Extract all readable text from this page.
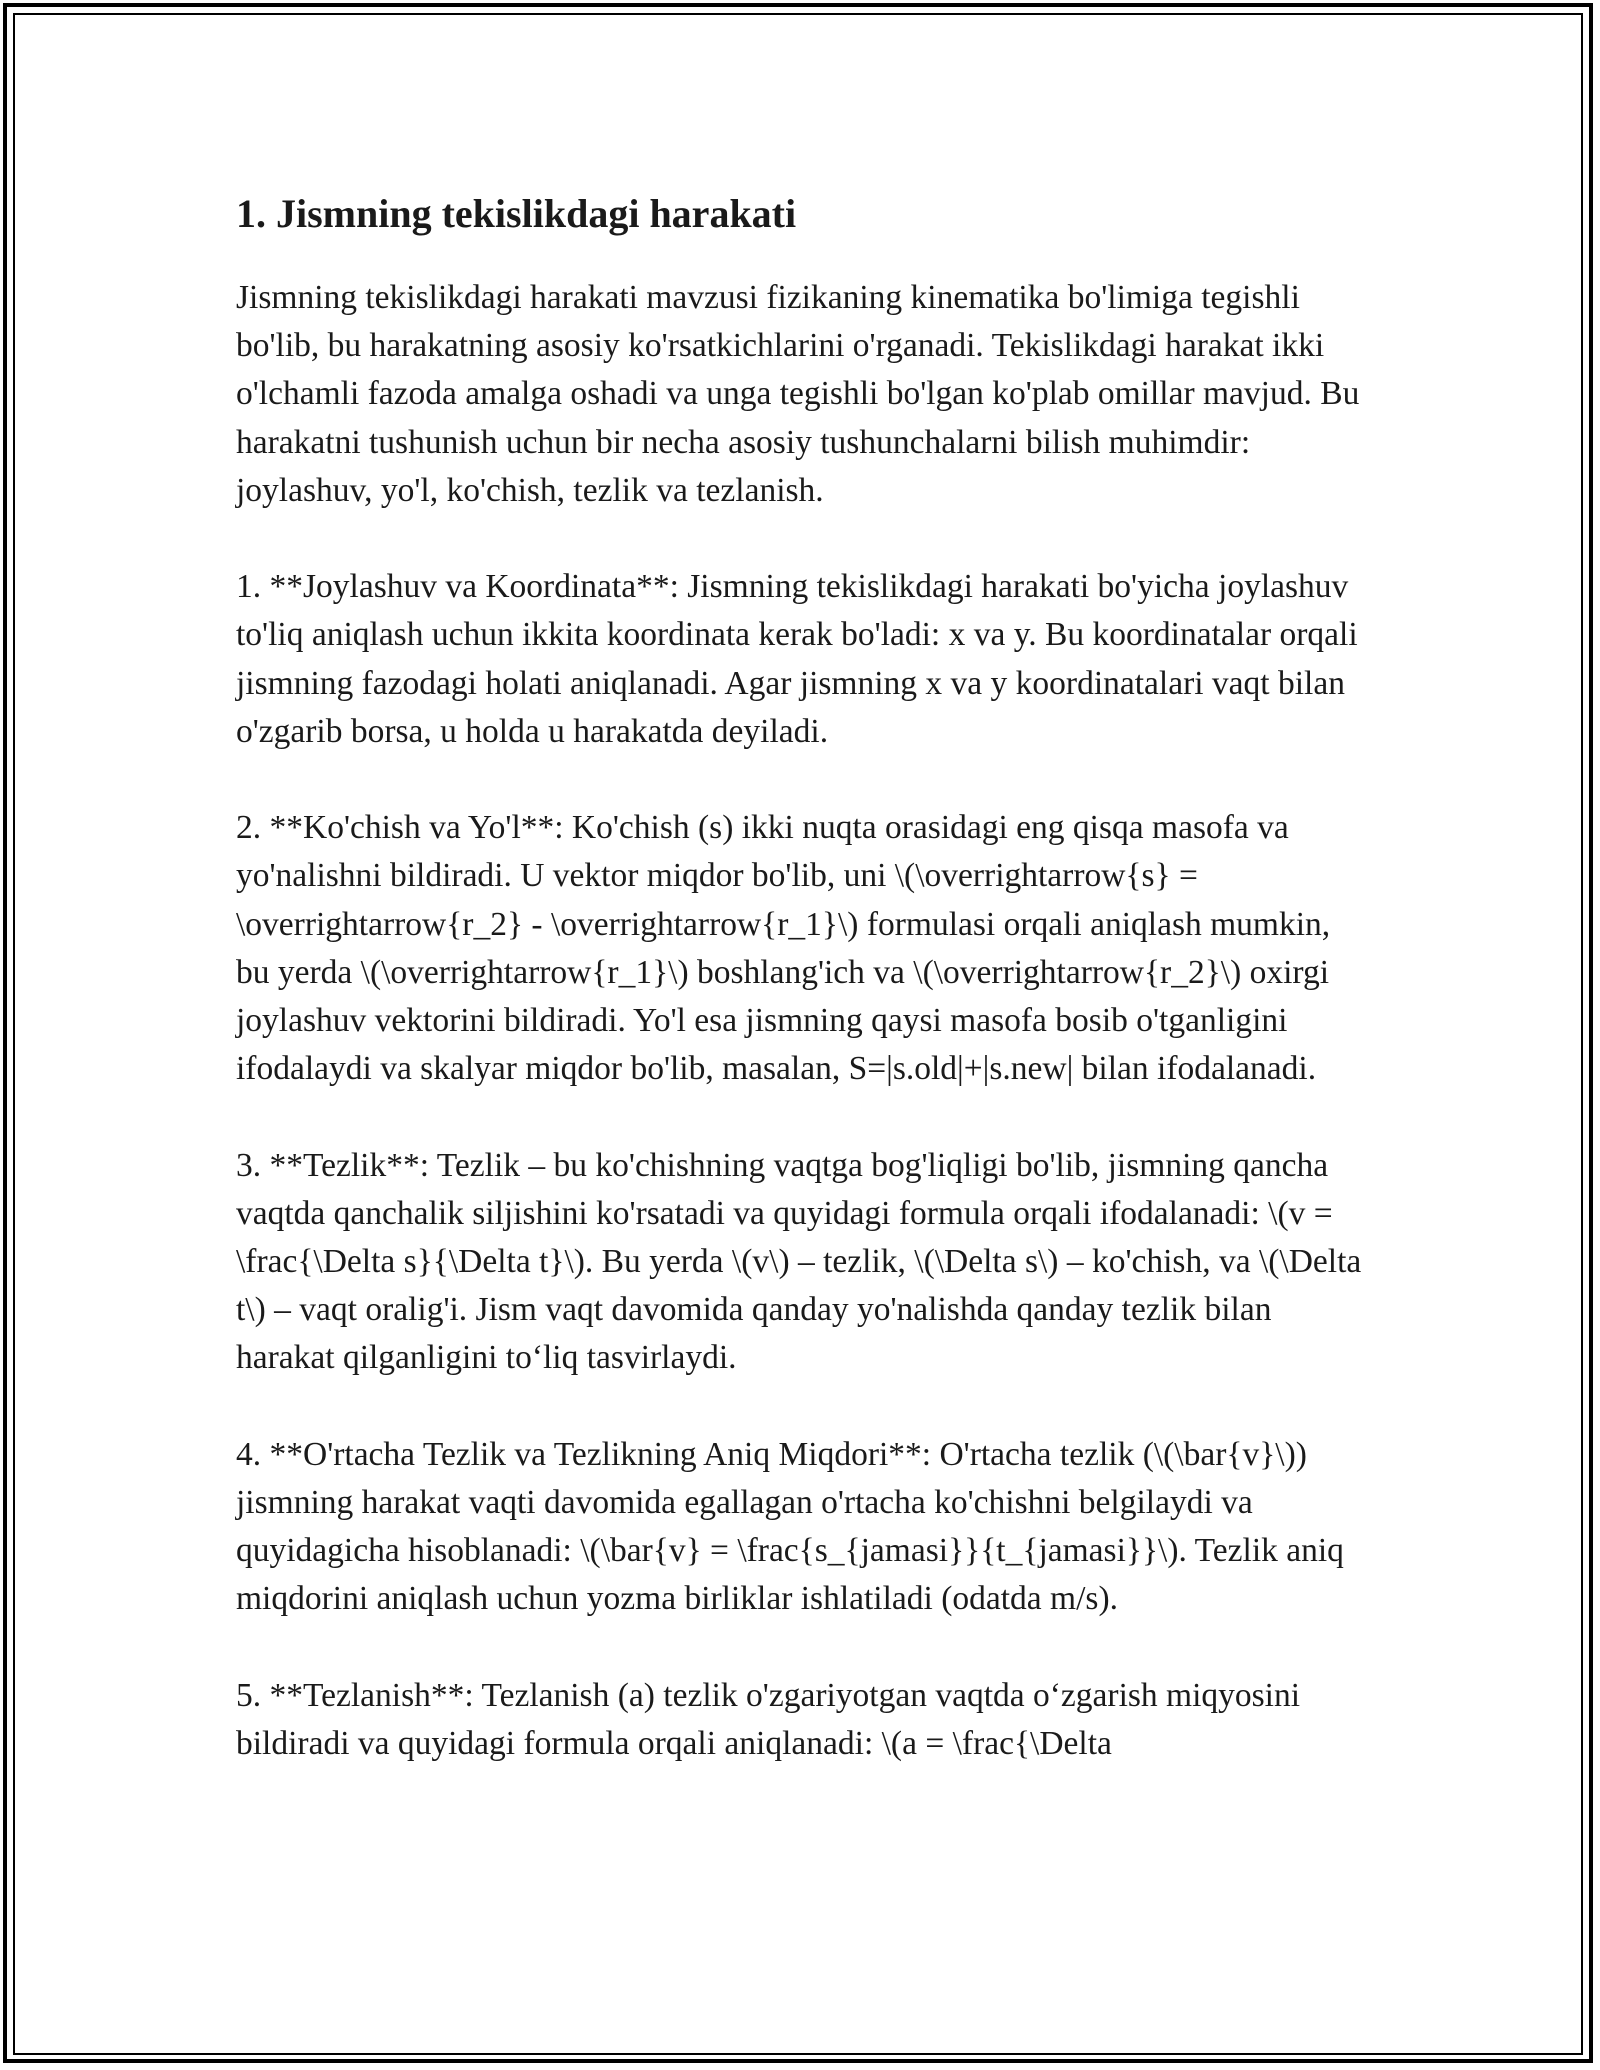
1. Jismning tekislikdagi harakati

Jismning tekislikdagi harakati mavzusi fizikaning kinematika bo'limiga tegishli bo'lib, bu harakatning asosiy ko'rsatkichlarini o'rganadi. Tekislikdagi harakat ikki o'lchamli fazoda amalga oshadi va unga tegishli bo'lgan ko'plab omillar mavjud. Bu harakatni tushunish uchun bir necha asosiy tushunchalarni bilish muhimdir: joylashuv, yo'l, ko'chish, tezlik va tezlanish.

1. **Joylashuv va Koordinata**: Jismning tekislikdagi harakati bo'yicha joylashuv to'liq aniqlash uchun ikkita koordinata kerak bo'ladi: x va y. Bu koordinatalar orqali jismning fazodagi holati aniqlanadi. Agar jismning x va y koordinatalari vaqt bilan o'zgarib borsa, u holda u harakatda deyiladi.

2. **Ko'chish va Yo'l**: Ko'chish (s) ikki nuqta orasidagi eng qisqa masofa va yo'nalishni bildiradi. U vektor miqdor bo'lib, uni \(\overrightarrow{s} = \overrightarrow{r_2} - \overrightarrow{r_1}\) formulasi orqali aniqlash mumkin, bu yerda \(\overrightarrow{r_1}\) boshlang'ich va \(\overrightarrow{r_2}\) oxirgi joylashuv vektorini bildiradi. Yo'l esa jismning qaysi masofa bosib o'tganligini ifodalaydi va skalyar miqdor bo'lib, masalan, S=|s.old|+|s.new| bilan ifodalanadi.

3. **Tezlik**: Tezlik – bu ko'chishning vaqtga bog'liqligi bo'lib, jismning qancha vaqtda qanchalik siljishini ko'rsatadi va quyidagi formula orqali ifodalanadi: \(v = \frac{\Delta s}{\Delta t}\). Bu yerda \(v\) – tezlik, \(\Delta s\) – ko'chish, va \(\Delta t\) – vaqt oralig'i. Jism vaqt davomida qanday yo'nalishda qanday tezlik bilan harakat qilganligini to‘liq tasvirlaydi.

4. **O'rtacha Tezlik va Tezlikning Aniq Miqdori**: O'rtacha tezlik (\(\bar{v}\)) jismning harakat vaqti davomida egallagan o'rtacha ko'chishni belgilaydi va quyidagicha hisoblanadi: \(\bar{v} = \frac{s_{jamasi}}{t_{jamasi}}\). Tezlik aniq miqdorini aniqlash uchun yozma birliklar ishlatiladi (odatda m/s).

5. **Tezlanish**: Tezlanish (a) tezlik o'zgariyotgan vaqtda o‘zgarish miqyosini bildiradi va quyidagi formula orqali aniqlanadi: \(a = \frac{\Delta
